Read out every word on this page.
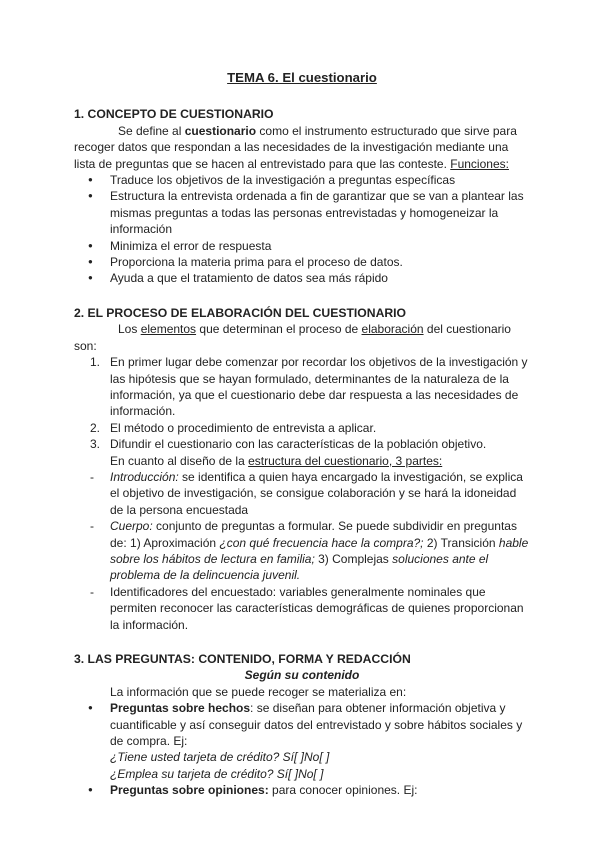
TEMA 6. El cuestionario

1. CONCEPTO DE CUESTIONARIO

Se define al cuestionario como el instrumento estructurado que sirve para recoger datos que respondan a las necesidades de la investigación mediante una lista de preguntas que se hacen al entrevistado para que las conteste. Funciones:

● Traduce los objetivos de la investigación a preguntas específicas
● Estructura la entrevista ordenada a fin de garantizar que se van a plantear las mismas preguntas a todas las personas entrevistadas y homogeneizar la información
● Minimiza el error de respuesta
● Proporciona la materia prima para el proceso de datos.
● Ayuda a que el tratamiento de datos sea más rápido

2. EL PROCESO DE ELABORACIÓN DEL CUESTIONARIO

Los elementos que determinan el proceso de elaboración del cuestionario son:

1. En primer lugar debe comenzar por recordar los objetivos de la investigación y las hipótesis que se hayan formulado, determinantes de la naturaleza de la información, ya que el cuestionario debe dar respuesta a las necesidades de información.
2. El método o procedimiento de entrevista a aplicar.
3. Difundir el cuestionario con las características de la población objetivo.

En cuanto al diseño de la estructura del cuestionario, 3 partes:

- Introducción: se identifica a quien haya encargado la investigación, se explica el objetivo de investigación, se consigue colaboración y se hará la idoneidad de la persona encuestada
- Cuerpo: conjunto de preguntas a formular. Se puede subdividir en preguntas de: 1) Aproximación ¿con qué frecuencia hace la compra?; 2) Transición hable sobre los hábitos de lectura en familia; 3) Complejas soluciones ante el problema de la delincuencia juvenil.
- Identificadores del encuestado: variables generalmente nominales que permiten reconocer las características demográficas de quienes proporcionan la información.

3. LAS PREGUNTAS: CONTENIDO, FORMA Y REDACCIÓN

Según su contenido

La información que se puede recoger se materializa en:

● Preguntas sobre hechos: se diseñan para obtener información objetiva y cuantificable y así conseguir datos del entrevistado y sobre hábitos sociales y de compra. Ej:
¿Tiene usted tarjeta de crédito? Sí[ ]No[ ]
¿Emplea su tarjeta de crédito? Sí[ ]No[ ]
● Preguntas sobre opiniones: para conocer opiniones. Ej:
